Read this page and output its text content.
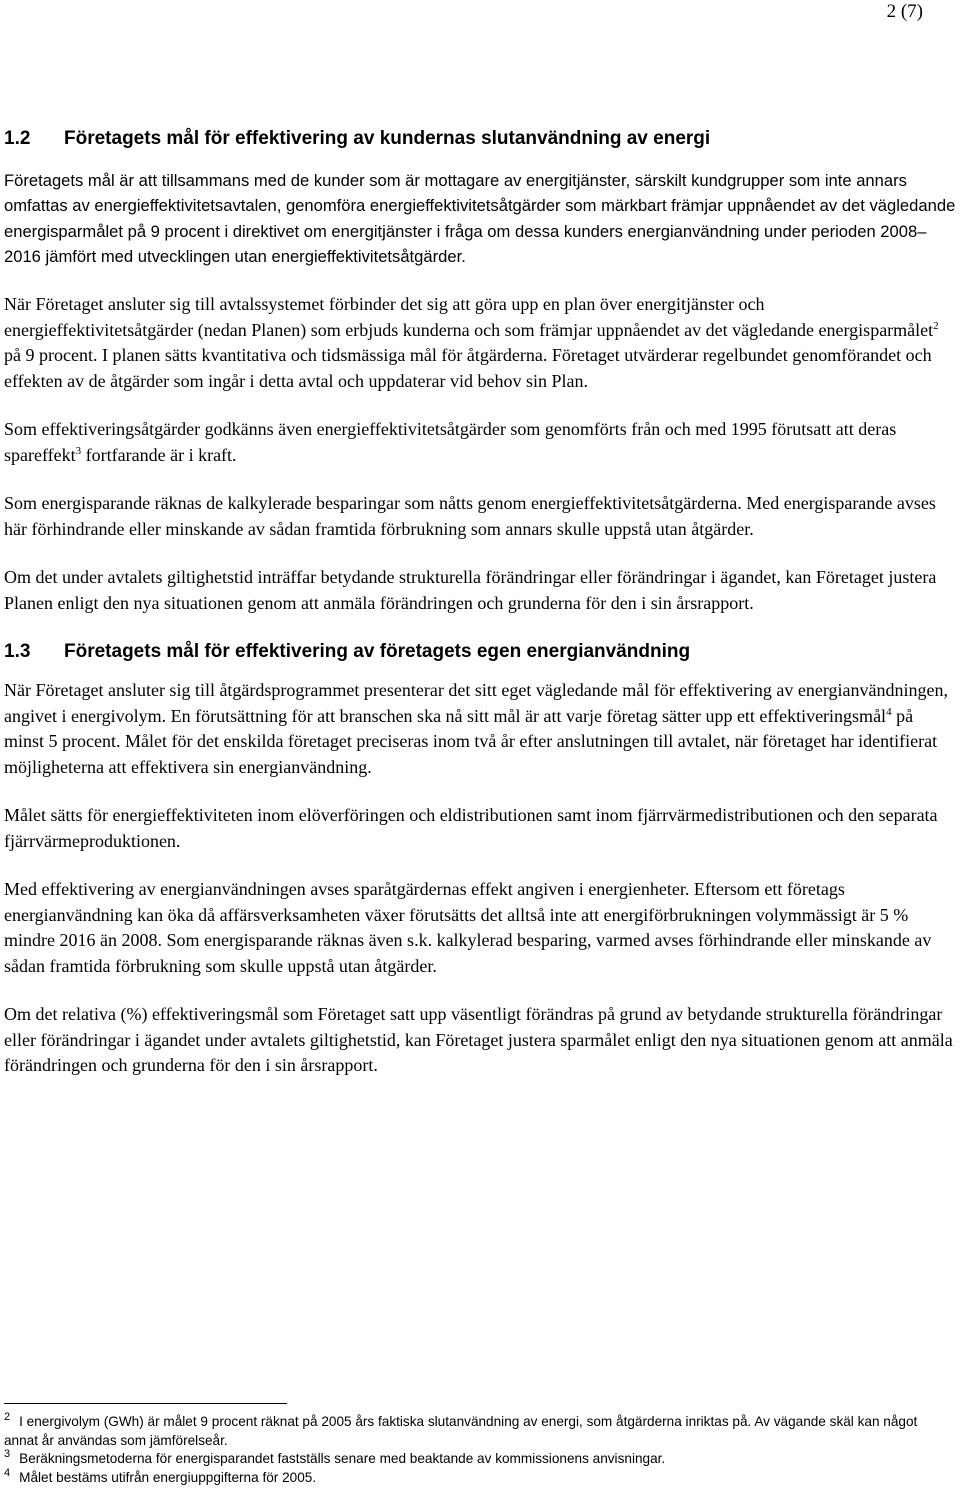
2 (7)
1.2	Företagets mål för effektivering av kundernas slutanvändning av energi

Företagets mål är att tillsammans med de kunder som är mottagare av energitjänster, särskilt kundgrupper som inte annars omfattas av energieffektivitetsavtalen, genomföra energieffektivitetsåtgärder som märkbart främjar uppnåendet av det vägledande energisparmålet på 9 procent i direktivet om energitjänster i fråga om dessa kunders energianvändning under perioden 2008–2016 jämfört med utvecklingen utan energieffektivitetsåtgärder.

När Företaget ansluter sig till avtalssystemet förbinder det sig att göra upp en plan över energitjänster och energieffektivitetsåtgärder (nedan Planen) som erbjuds kunderna och som främjar uppnåendet av det vägledande energisparmålet$^2$ på 9 procent. I planen sätts kvantitativa och tidsmässiga mål för åtgärderna. Företaget utvärderar regelbundet genomförandet och effekten av de åtgärder som ingår i detta avtal och uppdaterar vid behov sin Plan.

Som effektiveringsåtgärder godkänns även energieffektivitetsåtgärder som genomförts från och med 1995 förutsatt att deras spareffekt$^3$ fortfarande är i kraft.

Som energisparande räknas de kalkylerade besparingar som nåtts genom energieffektivitetsåtgärderna. Med energisparande avses här förhindrande eller minskande av sådan framtida förbrukning som annars skulle uppstå utan åtgärder.

Om det under avtalets giltighetstid inträffar betydande strukturella förändringar eller förändringar i ägandet, kan Företaget justera Planen enligt den nya situationen genom att anmäla förändringen och grunderna för den i sin årsrapport.

1.3	Företagets mål för effektivering av företagets egen energianvändning

När Företaget ansluter sig till åtgärdsprogrammet presenterar det sitt eget vägledande mål för effektivering av energianvändningen, angivet i energivolym. En förutsättning för att branschen ska nå sitt mål är att varje företag sätter upp ett effektiveringsmål$^4$ på minst 5 procent. Målet för det enskilda företaget preciseras inom två år efter anslutningen till avtalet, när företaget har identifierat möjligheterna att effektivera sin energianvändning.

Målet sätts för energieffektiviteten inom elöverföringen och eldistributionen samt inom fjärrvärmedistributionen och den separata fjärrvärmeproduktionen.

Med effektivering av energianvändningen avses sparåtgärdernas effekt angiven i energienheter. Eftersom ett företags energianvändning kan öka då affärsverksamheten växer förutsätts det alltså inte att energiförbrukningen volymmässigt är 5 % mindre 2016 än 2008. Som energisparande räknas även s.k. kalkylerad besparing, varmed avses förhindrande eller minskande av sådan framtida förbrukning som skulle uppstå utan åtgärder.

Om det relativa (%) effektiveringsmål som Företaget satt upp väsentligt förändras på grund av betydande strukturella förändringar eller förändringar i ägandet under avtalets giltighetstid, kan Företaget justera sparmålet enligt den nya situationen genom att anmäla förändringen och grunderna för den i sin årsrapport.

$^2$ I energivolym (GWh) är målet 9 procent räknat på 2005 års faktiska slutanvändning av energi, som åtgärderna inriktas på. Av vägande skäl kan något annat år användas som jämförelseår.

$^3$ Beräkningsmetoderna för energisparandet fastställs senare med beaktande av kommissionens anvisningar.

$^4$ Målet bestäms utifrån energiuppgifterna för 2005.
